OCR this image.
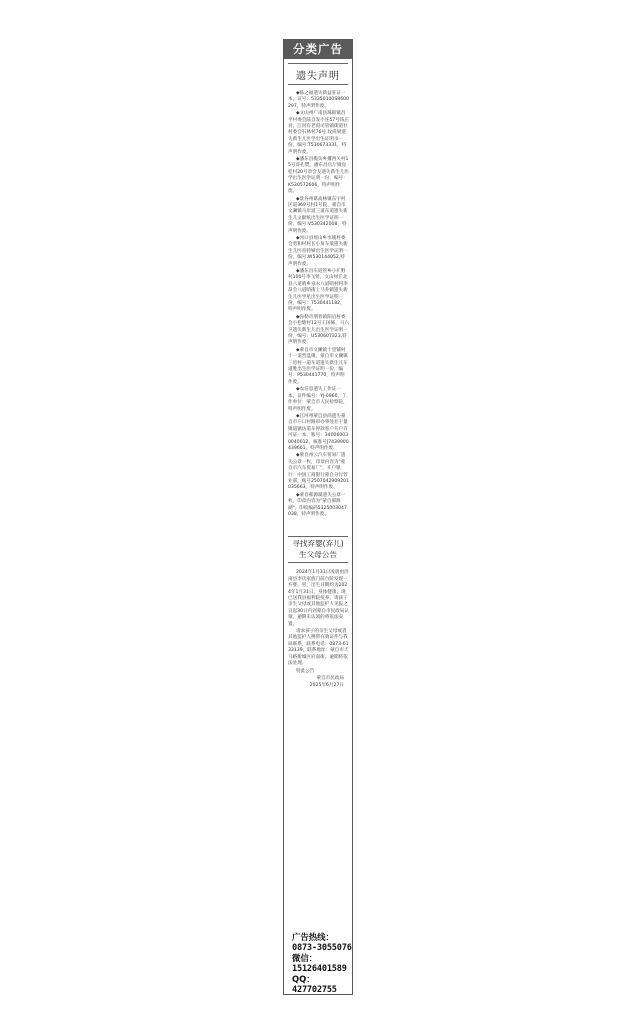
分类广告
遗失声明

◆陈之福遗失新益驻证一本，证号：53350100S8600297，特声明作废。

◆文山州广南县珠街镇昌平村委会陆自发小连57号钱庄君，江河有老叔司管镇街道社村委会石林村76号 坟尚梁遗失新生儿医学出生证明书一份，编号:T530673331，特声明作废。

◆潘东昌揽头乡撂西关村15号哥孔樊，潘东昌官厅镇宛桂村20号章会友遗失新生儿医学出生医学证明一份，编号：K530572606，特声明作废。

◆景谷州葛高林镇东宇村区道369号村1号院，蒙自市文澜镇马岸道三道东道遗失新生儿文献纸出生医学证明一份，编号:V530342008，特声明作废。

◆河口县瑶山乡水埔村委会勇和村村长小角车梁遗失新生儿医育特婦出生医学证明一份，编号:W530144052,特声明作废。

◆潘东昌车道管乡小扩野村100号李飞贤，文山州丘北县八道哨乡泉水八道哨村阿李昂会八道哨街上马乔镇遗失新生儿医学星出生医学证明一份，编号：T530441182，特声明作废。

◆弥勒市朋普镇阳启村委会小松塘村12号王国修，马六卫遗失新生儿出生医学证明一份，编号：U530607323,特声明作废。

◆蒙自市文澜镇十里铺村十一道营盘镇，蒙自市文澜镇三房村一道车道遗失新生儿车道胜出生医学证明一份，编号：P530441770，特声明作废。

◆农信息遗失工作证一本，证件编号：YJ-0960，工作单位：蒙自市人民检察院，特声明作废。

◆江河州蒙自县尚遗失蒙自市户口村路审办事处社干量镇道镇仿道车停款客户开户许可证一本，账号：340060030040012，核准号J7439900439601，特声明作废。

◆蒙自州云汽车贸易厂遗失公章一枚，印章内容为"蒙自市汽车贸易厂"，开户银行：中国工商银行蒙自分行营业部，账号2507042909201035663，特声明作废。

◆蒙自郝源湖遗失公章一枚，印章内容为"蒙自郝源湖"，印纹编码5325003047038，特声明作废。

寻找弃婴(弃儿)
生父母公告

2024年1月31日凌晨由济南县李氏家族门前台阶发现一弃婴，男，出生日期约为2024年1月31日，身体健康，现已送我县福利院抚养，请孩子亲生父母或其他监护人见报之日起30日内到蒙自市民政局认领，逾期未认领的将依法安置。

请求孩子的亲生父母或者其他监护人携带有效证件与我局联系，联系电话：0873-6133139，联系地址：蒙自市天马路新城区府南街。逾期将依法处理。

特此公告

蒙自市民政局
2025年6月27日
广告热线：
0873-3055076
微信：
15126401589
QQ：
427702755
